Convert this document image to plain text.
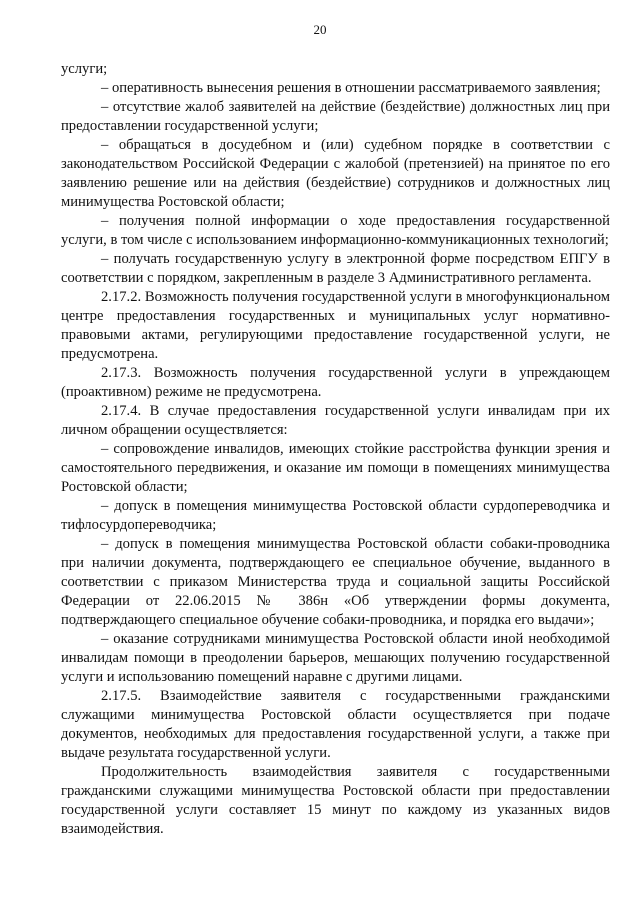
20

услуги;

– оперативность вынесения решения в отношении рассматриваемого заявления;

– отсутствие жалоб заявителей на действие (бездействие) должностных лиц при предоставлении государственной услуги;

– обращаться в досудебном и (или) судебном порядке в соответствии с законодательством Российской Федерации с жалобой (претензией) на принятое по его заявлению решение или на действия (бездействие) сотрудников и должностных лиц минимущества Ростовской области;

– получения полной информации о ходе предоставления государственной услуги, в том числе с использованием информационно-коммуникационных технологий;

– получать государственную услугу в электронной форме посредством ЕПГУ в соответствии с порядком, закрепленным в разделе 3 Административного регламента.

2.17.2. Возможность получения государственной услуги в многофункциональном центре предоставления государственных и муниципальных услуг нормативно-правовыми актами, регулирующими предоставление государственной услуги, не предусмотрена.

2.17.3. Возможность получения государственной услуги в упреждающем (проактивном) режиме не предусмотрена.

2.17.4. В случае предоставления государственной услуги инвалидам при их личном обращении осуществляется:

– сопровождение инвалидов, имеющих стойкие расстройства функции зрения и самостоятельного передвижения, и оказание им помощи в помещениях минимущества Ростовской области;

– допуск в помещения минимущества Ростовской области сурдопереводчика и тифлосурдопереводчика;

– допуск в помещения минимущества Ростовской области собаки-проводника при наличии документа, подтверждающего ее специальное обучение, выданного в соответствии с приказом Министерства труда и социальной защиты Российской Федерации от 22.06.2015 № 386н «Об утверждении формы документа, подтверждающего специальное обучение собаки-проводника, и порядка его выдачи»;

– оказание сотрудниками минимущества Ростовской области иной необходимой инвалидам помощи в преодолении барьеров, мешающих получению государственной услуги и использованию помещений наравне с другими лицами.

2.17.5. Взаимодействие заявителя с государственными гражданскими служащими минимущества Ростовской области осуществляется при подаче документов, необходимых для предоставления государственной услуги, а также при выдаче результата государственной услуги.

Продолжительность взаимодействия заявителя с государственными гражданскими служащими минимущества Ростовской области при предоставлении государственной услуги составляет 15 минут по каждому из указанных видов взаимодействия.
